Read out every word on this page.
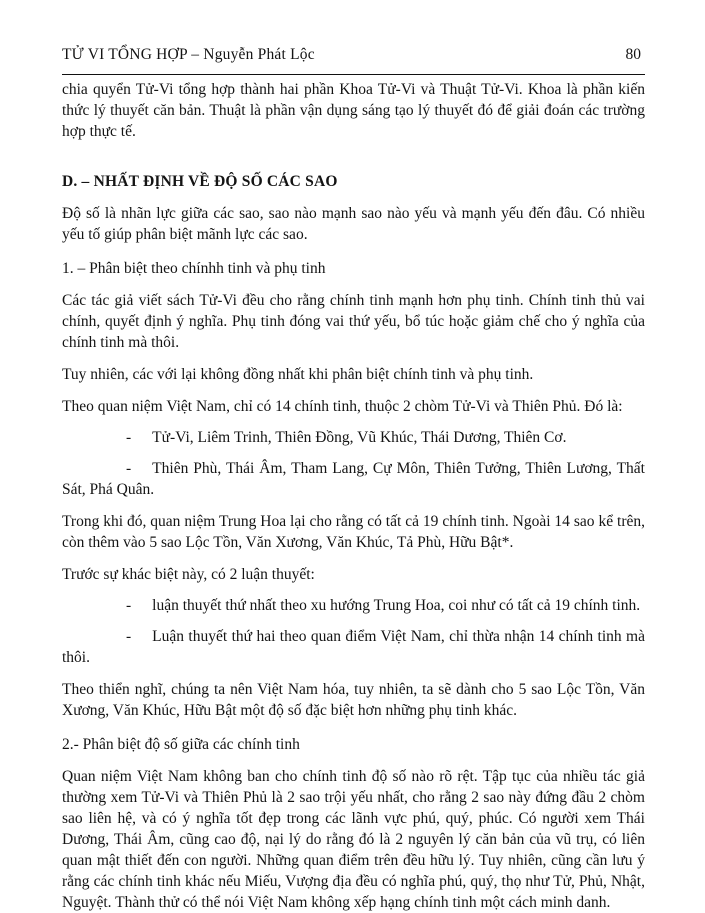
TỬ VI TỔNG HỢP – Nguyễn Phát Lộc	80

chia quyển Tử-Vi tổng hợp thành hai phần Khoa Tử-Vi và Thuật Tử-Vi. Khoa là phần kiến thức lý thuyết căn bản. Thuật là phần vận dụng sáng tạo lý thuyết đó để giải đoán các trường hợp thực tế.

D. – NHẤT ĐỊNH VỀ ĐỘ SỐ CÁC SAO

Độ số là nhãn lực giữa các sao, sao nào mạnh sao nào yếu và mạnh yếu đến đâu. Có nhiều yếu tố giúp phân biệt mãnh lực các sao.

1. – Phân biệt theo chínhh tinh và phụ tinh

Các tác giả viết sách Tử-Vi đều cho rằng chính tinh mạnh hơn phụ tinh. Chính tinh thủ vai chính, quyết định ý nghĩa. Phụ tinh đóng vai thứ yếu, bổ túc hoặc giảm chế cho ý nghĩa của chính tinh mà thôi.

Tuy nhiên, các với lại không đồng nhất khi phân biệt chính tinh và phụ tinh.

Theo quan niệm Việt Nam, chỉ có 14 chính tinh, thuộc 2 chòm Tử-Vi và Thiên Phủ. Đó là:

- Tử-Vi, Liêm Trinh, Thiên Đồng, Vũ Khúc, Thái Dương, Thiên Cơ.
- Thiên Phù, Thái Âm, Tham Lang, Cự Môn, Thiên Tưởng, Thiên Lương, Thất Sát, Phá Quân.

Trong khi đó, quan niệm Trung Hoa lại cho rằng có tất cả 19 chính tinh. Ngoài 14 sao kể trên, còn thêm vào 5 sao Lộc Tồn, Văn Xương, Văn Khúc, Tả Phù, Hữu Bật*.

Trước sự khác biệt này, có 2 luận thuyết:

- luận thuyết thứ nhất theo xu hướng Trung Hoa, coi như có tất cả 19 chính tinh.
- Luận thuyết thứ hai theo quan điểm Việt Nam, chỉ thừa nhận 14 chính tinh mà thôi.

Theo thiển nghĩ, chúng ta nên Việt Nam hóa, tuy nhiên, ta sẽ dành cho 5 sao Lộc Tồn, Văn Xương, Văn Khúc, Hữu Bật một độ số đặc biệt hơn những phụ tinh khác.

2.- Phân biệt độ số giữa các chính tinh

Quan niệm Việt Nam không ban cho chính tinh độ số nào rõ rệt. Tập tục của nhiều tác giả thường xem Tử-Vi và Thiên Phủ là 2 sao trội yếu nhất, cho rằng 2 sao này đứng đầu 2 chòm sao liên hệ, và có ý nghĩa tốt đẹp trong các lãnh vực phú, quý, phúc. Có người xem Thái Dương, Thái Âm, cũng cao độ, nại lý do rằng đó là 2 nguyên lý căn bản của vũ trụ, có liên quan mật thiết đến con người. Những quan điểm trên đều hữu lý. Tuy nhiên, cũng cần lưu ý rằng các chính tinh khác nếu Miếu, Vượng địa đều có nghĩa phú, quý, thọ như Tử, Phủ, Nhật, Nguyệt. Thành thử có thể nói Việt Nam không xếp hạng chính tinh một cách minh danh.
